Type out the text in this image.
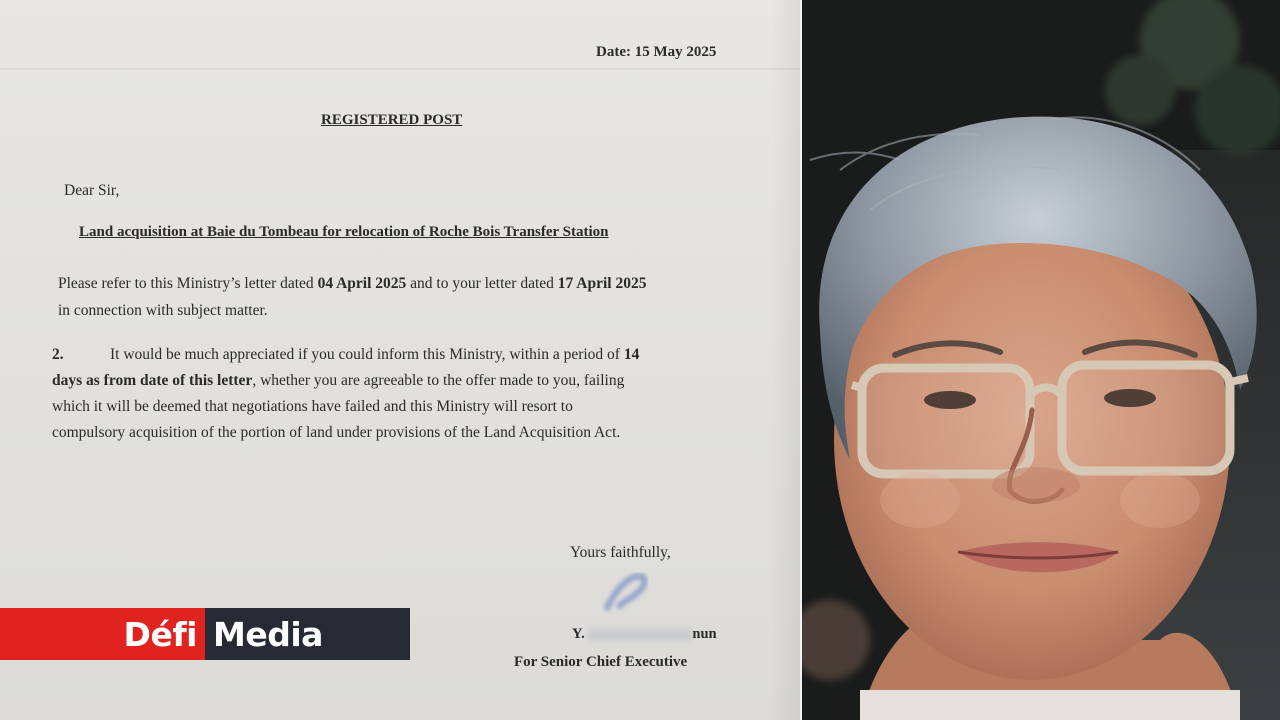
Date: 15 May 2025
REGISTERED POST
Dear Sir,
Land acquisition at Baie du Tombeau for relocation of Roche Bois Transfer Station
Please refer to this Ministry’s letter dated 04 April 2025 and to your letter dated 17 April 2025
in connection with subject matter.
2.	It would be much appreciated if you could inform this Ministry, within a period of 14
days as from date of this letter, whether you are agreeable to the offer made to you, failing
which it will be deemed that negotiations have failed and this Ministry will resort to
compulsory acquisition of the portion of land under provisions of the Land Acquisition Act.
Yours faithfully,
Y.	nun
For Senior Chief Executive
Défi Media
